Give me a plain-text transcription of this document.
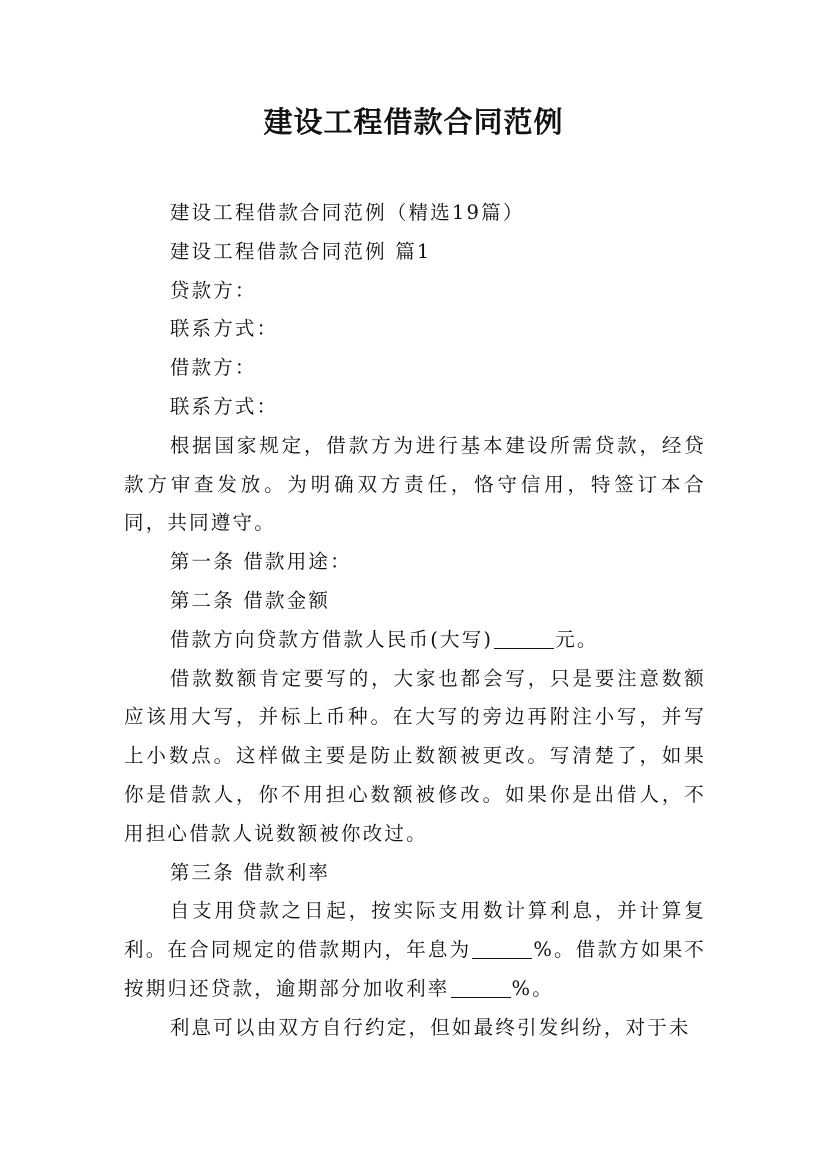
建设工程借款合同范例

建设工程借款合同范例（精选19篇）

建设工程借款合同范例 篇1

贷款方：

联系方式：

借款方：

联系方式：

根据国家规定，借款方为进行基本建设所需贷款，经贷款方审查发放。为明确双方责任，恪守信用，特签订本合同，共同遵守。

第一条 借款用途：

第二条 借款金额

借款方向贷款方借款人民币(大写)	元。

借款数额肯定要写的，大家也都会写，只是要注意数额应该用大写，并标上币种。在大写的旁边再附注小写，并写上小数点。这样做主要是防止数额被更改。写清楚了，如果你是借款人，你不用担心数额被修改。如果你是出借人，不用担心借款人说数额被你改过。

第三条 借款利率

自支用贷款之日起，按实际支用数计算利息，并计算复利。在合同规定的借款期内，年息为	%。借款方如果不按期归还贷款，逾期部分加收利率	%。

利息可以由双方自行约定，但如最终引发纠纷，对于未
